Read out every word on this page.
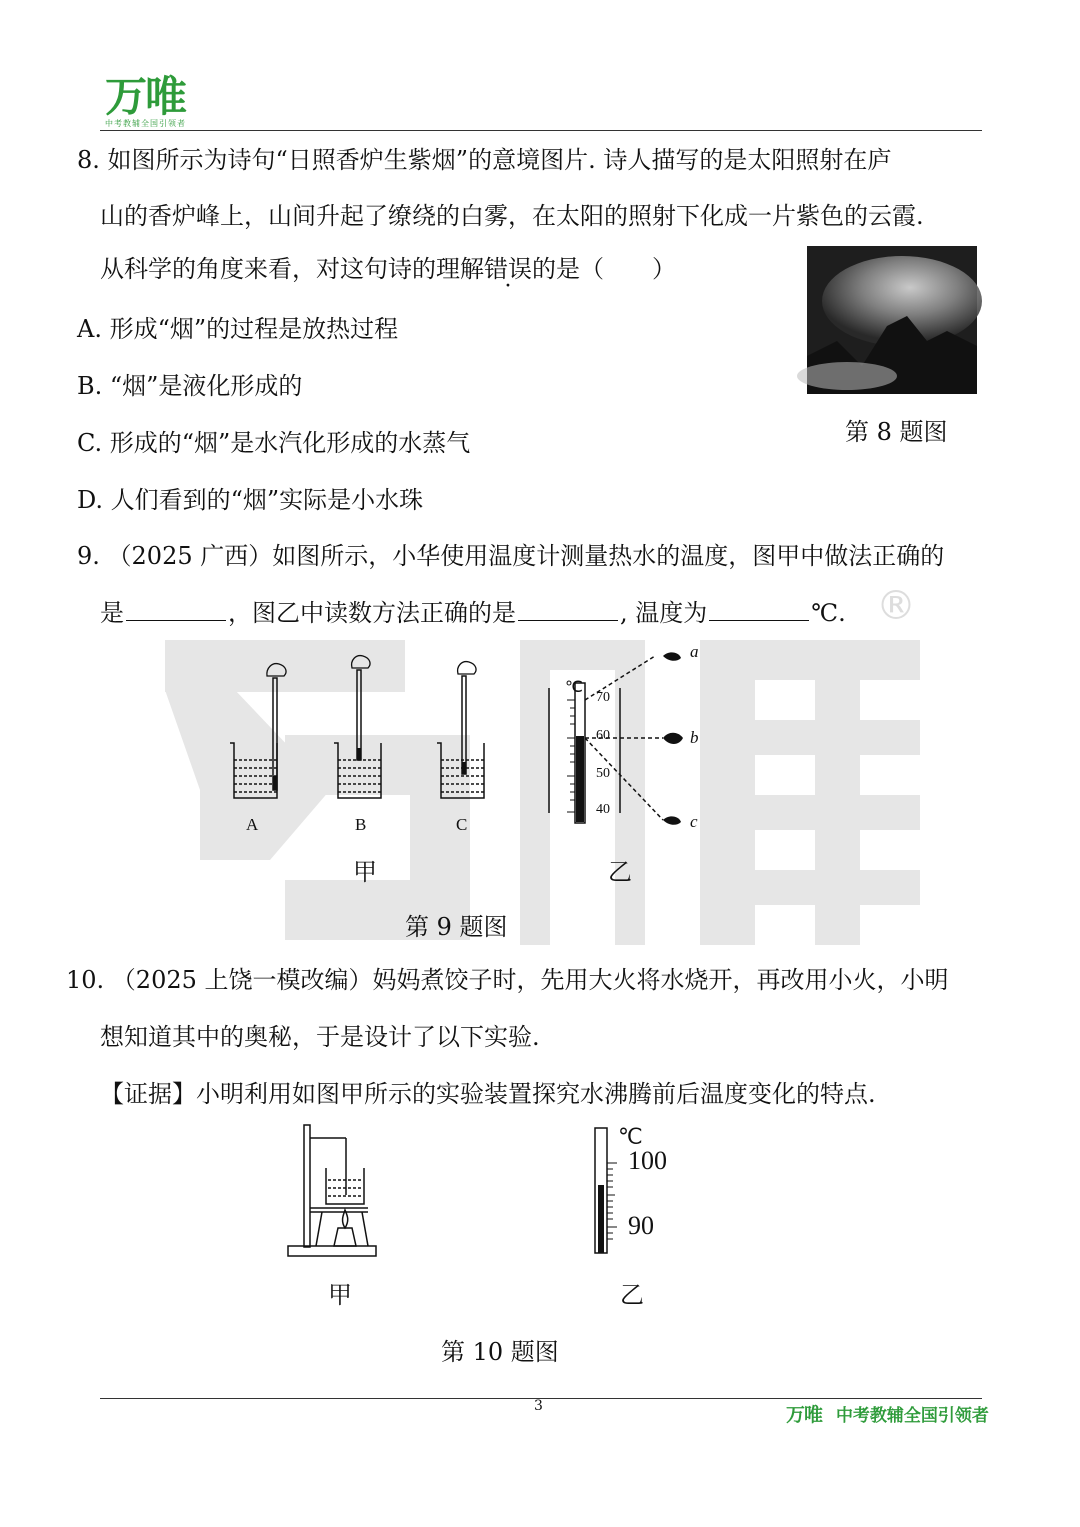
®
万唯
中考教辅全国引领者
8. 如图所示为诗句“日照香炉生紫烟”的意境图片. 诗人描写的是太阳照射在庐
山的香炉峰上，山间升起了缭绕的白雾，在太阳的照射下化成一片紫色的云霞.
从科学的角度来看，对这句诗的理解错误的是（　　）
A. 形成“烟”的过程是放热过程
B. “烟”是液化形成的
C. 形成的“烟”是水汽化形成的水蒸气
D. 人们看到的“烟”实际是小水珠
第 8 题图
9. （2025 广西）如图所示，小华使用温度计测量热水的温度，图甲中做法正确的
是	，图乙中读数方法正确的是	, 温度为	℃.
A	B	C
甲
℃
70
60
50
40
a
b
c
乙
第 9 题图
10. （2025 上饶一模改编）妈妈煮饺子时，先用大火将水烧开，再改用小火，小明
想知道其中的奥秘，于是设计了以下实验.
【证据】小明利用如图甲所示的实验装置探究水沸腾前后温度变化的特点.
甲
℃
100
90
乙
第 10 题图
3	万唯 中考教辅全国引领者
